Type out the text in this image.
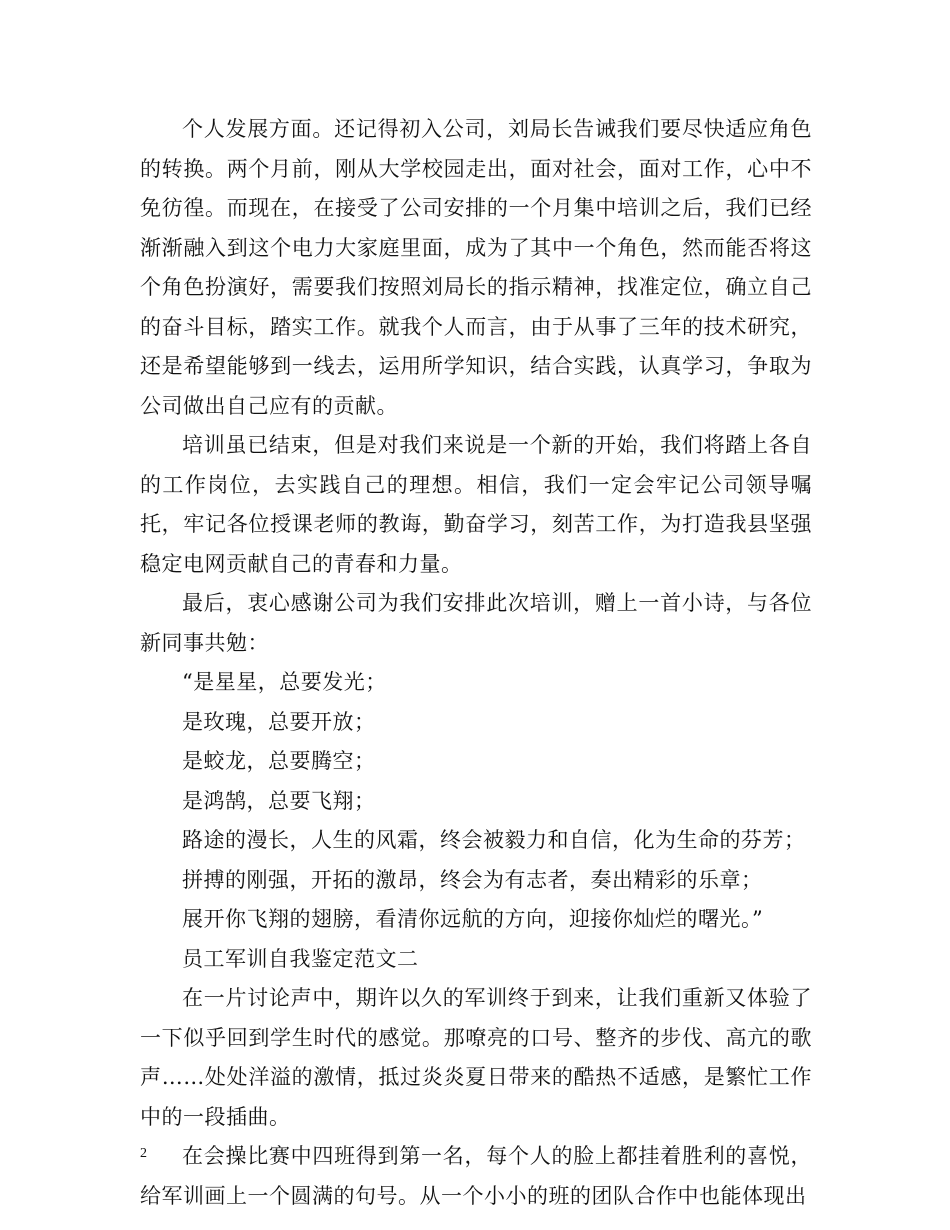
个人发展方面。还记得初入公司，刘局长告诫我们要尽快适应角色的转换。两个月前，刚从大学校园走出，面对社会，面对工作，心中不免彷徨。而现在，在接受了公司安排的一个月集中培训之后，我们已经渐渐融入到这个电力大家庭里面，成为了其中一个角色，然而能否将这个角色扮演好，需要我们按照刘局长的指示精神，找准定位，确立自己的奋斗目标，踏实工作。就我个人而言，由于从事了三年的技术研究，还是希望能够到一线去，运用所学知识，结合实践，认真学习，争取为公司做出自己应有的贡献。

培训虽已结束，但是对我们来说是一个新的开始，我们将踏上各自的工作岗位，去实践自己的理想。相信，我们一定会牢记公司领导嘱托，牢记各位授课老师的教诲，勤奋学习，刻苦工作，为打造我县坚强稳定电网贡献自己的青春和力量。

最后，衷心感谢公司为我们安排此次培训，赠上一首小诗，与各位新同事共勉：

“是星星，总要发光；

是玫瑰，总要开放；

是蛟龙，总要腾空；

是鸿鹄，总要飞翔；

路途的漫长，人生的风霜，终会被毅力和自信，化为生命的芬芳；

拼搏的刚强，开拓的激昂，终会为有志者，奏出精彩的乐章；

展开你飞翔的翅膀，看清你远航的方向，迎接你灿烂的曙光。”

员工军训自我鉴定范文二

在一片讨论声中，期许以久的军训终于到来，让我们重新又体验了一下似乎回到学生时代的感觉。那嘹亮的口号、整齐的步伐、高亢的歌声……处处洋溢的激情，抵过炎炎夏日带来的酷热不适感，是繁忙工作中的一段插曲。

在会操比赛中四班得到第一名，每个人的脸上都挂着胜利的喜悦，给军训画上一个圆满的句号。从一个小小的班的团队合作中也能体现出

2
